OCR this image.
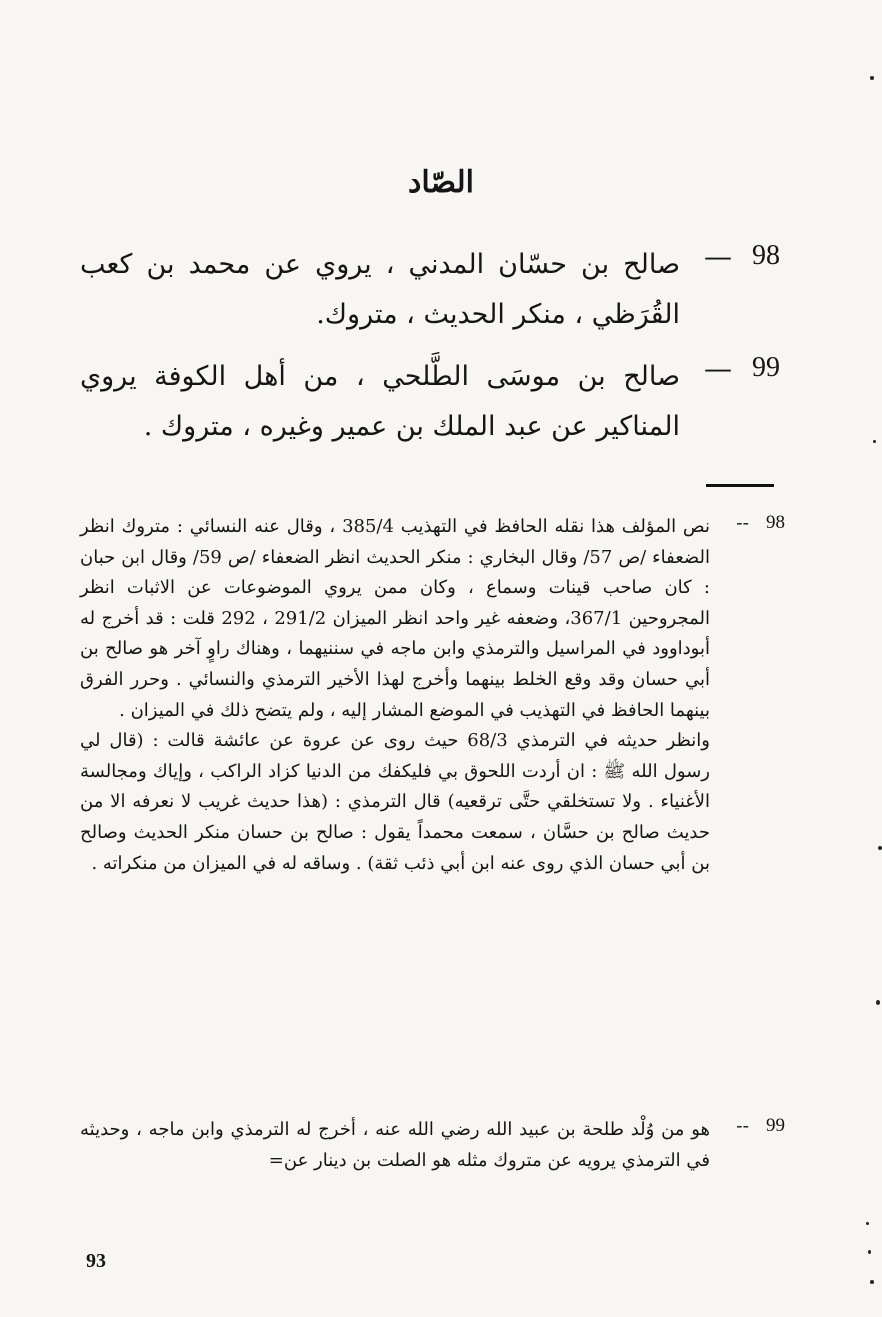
الصّاد
98
—
صالح بن حسّان المدني ، يروي عن محمد بن كعب القُرَظي ، منكر الحديث ، متروك.
99
—
صالح بن موسَى الطَّلحي ، من أهل الكوفة يروي المناكير عن عبد الملك بن عمير وغيره ، متروك .
98
--

نص المؤلف هذا نقله الحافظ في التهذيب 385/4 ، وقال عنه النسائي : متروك انظر الضعفاء /ص 57/ وقال البخاري : منكر الحديث انظر الضعفاء /ص 59/ وقال ابن حبان : كان صاحب قينات وسماع ، وكان ممن يروي الموضوعات عن الاثبات انظر المجروحين 367/1، وضعفه غير واحد انظر الميزان 291/2 ، 292 قلت : قد أخرج له أبوداوود في المراسيل والترمذي وابن ماجه في سننيهما ، وهناك راوٍ آخر هو صالح بن أبي حسان وقد وقع الخلط بينهما وأخرج لهذا الأخير الترمذي والنسائي . وحرر الفرق بينهما الحافظ في التهذيب في الموضع المشار إليه ، ولم يتضح ذلك في الميزان .

وانظر حديثه في الترمذي 68/3 حيث روى عن عروة عن عائشة قالت : (قال لي رسول الله ﷺ : ان أردت اللحوق بي فليكفك من الدنيا كزاد الراكب ، وإياك ومجالسة الأغنياء . ولا تستخلقي حتَّى ترقعيه) قال الترمذي : (هذا حديث غريب لا نعرفه الا من حديث صالح بن حسَّان ، سمعت محمداً يقول : صالح بن حسان منكر الحديث وصالح بن أبي حسان الذي روى عنه ابن أبي ذئب ثقة) . وساقه له في الميزان من منكراته .

99
--

هو من وُلْد طلحة بن عبيد الله رضي الله عنه ، أخرج له الترمذي وابن ماجه ، وحديثه في الترمذي يرويه عن متروك مثله هو الصلت بن دينار عن=

93
